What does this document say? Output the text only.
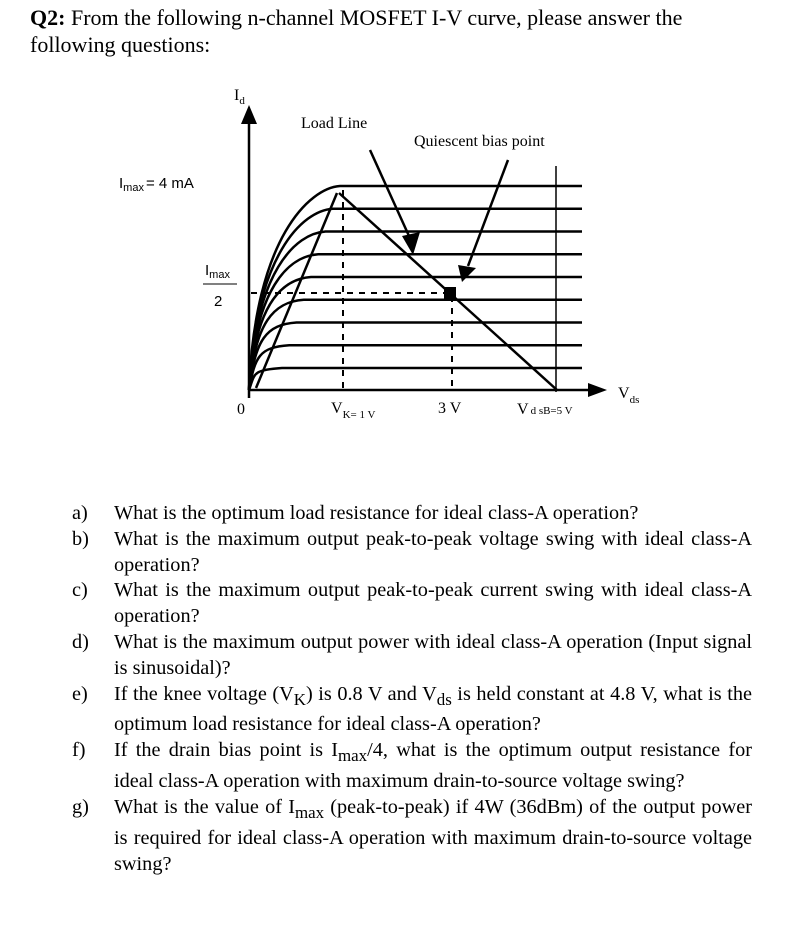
Q2: From the following n-channel MOSFET I-V curve, please answer the following questions:
$I_d$
$I_{max} = 4$ mA
$I_{max}$
2
0	$V_{K= 1 V}$	3 V	V d sB=5 V
$V_{ds}$
Load Line
Quiescent bias point
a)	What is the optimum load resistance for ideal class-A operation?
b)	What is the maximum output peak-to-peak voltage swing with ideal class-A operation?
c)	What is the maximum output peak-to-peak current swing with ideal class-A operation?
d)	What is the maximum output power with ideal class-A operation (Input signal is sinusoidal)?
e)	If the knee voltage $(V_K)$ is 0.8 V and $V_{ds}$ is held constant at 4.8 V, what is the optimum load resistance for ideal class-A operation?
f)	If the drain bias point is $I_{max}/4$, what is the optimum output resistance for ideal class-A operation with maximum drain-to-source voltage swing?
g)	What is the value of $I_{max}$ (peak-to-peak) if 4W (36dBm) of the output power is required for ideal class-A operation with maximum drain-to-source voltage swing?
